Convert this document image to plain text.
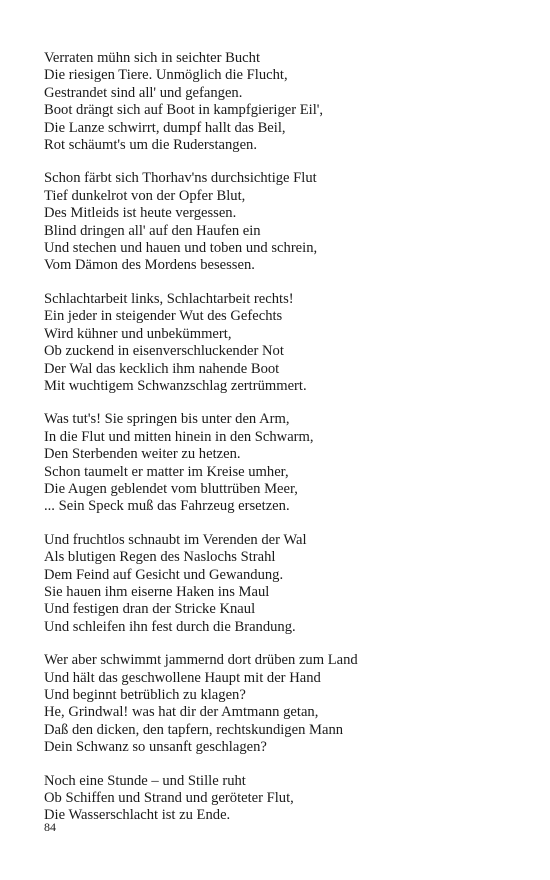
Verraten mühn sich in seichter Bucht
Die riesigen Tiere. Unmöglich die Flucht,
Gestrandet sind all' und gefangen.
Boot drängt sich auf Boot in kampfgieriger Eil',
Die Lanze schwirrt, dumpf hallt das Beil,
Rot schäumt's um die Ruderstangen.
Schon färbt sich Thorhav'ns durchsichtige Flut
Tief dunkelrot von der Opfer Blut,
Des Mitleids ist heute vergessen.
Blind dringen all' auf den Haufen ein
Und stechen und hauen und toben und schrein,
Vom Dämon des Mordens besessen.
Schlachtarbeit links, Schlachtarbeit rechts!
Ein jeder in steigender Wut des Gefechts
Wird kühner und unbekümmert,
Ob zuckend in eisenverschluckender Not
Der Wal das kecklich ihm nahende Boot
Mit wuchtigem Schwanzschlag zertrümmert.
Was tut's! Sie springen bis unter den Arm,
In die Flut und mitten hinein in den Schwarm,
Den Sterbenden weiter zu hetzen.
Schon taumelt er matter im Kreise umher,
Die Augen geblendet vom bluttrüben Meer,
... Sein Speck muß das Fahrzeug ersetzen.
Und fruchtlos schnaubt im Verenden der Wal
Als blutigen Regen des Naslochs Strahl
Dem Feind auf Gesicht und Gewandung.
Sie hauen ihm eiserne Haken ins Maul
Und festigen dran der Stricke Knaul
Und schleifen ihn fest durch die Brandung.
Wer aber schwimmt jammernd dort drüben zum Land
Und hält das geschwollene Haupt mit der Hand
Und beginnt betrüblich zu klagen?
He, Grindwal! was hat dir der Amtmann getan,
Daß den dicken, den tapfern, rechtskundigen Mann
Dein Schwanz so unsanft geschlagen?
Noch eine Stunde – und Stille ruht
Ob Schiffen und Strand und geröteter Flut,
Die Wasserschlacht ist zu Ende.
84
